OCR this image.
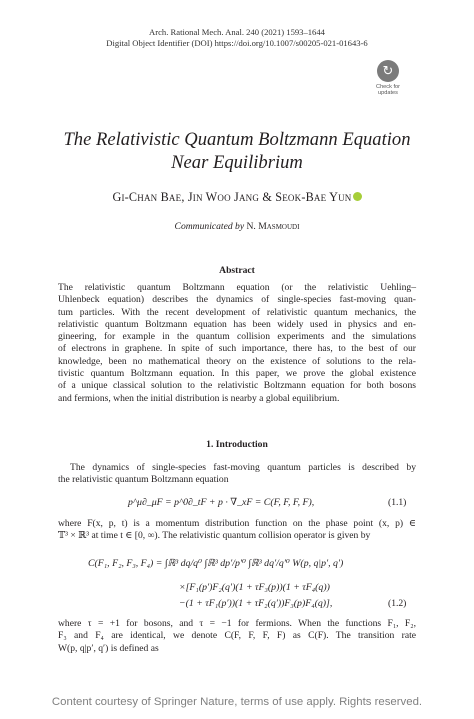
Arch. Rational Mech. Anal. 240 (2021) 1593–1644
Digital Object Identifier (DOI) https://doi.org/10.1007/s00205-021-01643-6
↻
Check for
updates
The Relativistic Quantum Boltzmann Equation
Near Equilibrium
Gi-Chan Bae, Jin Woo Jang & Seok-Bae Yun
Communicated by N. Masmoudi
Abstract
The relativistic quantum Boltzmann equation (or the relativistic Uehling–
Uhlenbeck equation) describes the dynamics of single-species fast-moving quan-
tum particles. With the recent development of relativistic quantum mechanics, the
relativistic quantum Boltzmann equation has been widely used in physics and en-
gineering, for example in the quantum collision experiments and the simulations
of electrons in graphene. In spite of such importance, there has, to the best of our
knowledge, been no mathematical theory on the existence of solutions to the rela-
tivistic quantum Boltzmann equation. In this paper, we prove the global existence
of a unique classical solution to the relativistic Boltzmann equation for both bosons
and fermions, when the initial distribution is nearby a global equilibrium.
1. Introduction
The dynamics of single-species fast-moving quantum particles is described by
the relativistic quantum Boltzmann equation
p^μ∂_μF = p^0∂_tF + p · ∇_xF = C(F, F, F, F),	(1.1)
where F(x, p, t) is a momentum distribution function on the phase point (x, p) ∈
𝕋³ × ℝ³ at time t ∈ [0, ∞). The relativistic quantum collision operator is given by
C(F₁, F₂, F₃, F₄) = ∫ℝ³ dq/q⁰ ∫ℝ³ dp′/p′⁰ ∫ℝ³ dq′/q′⁰ W(p, q|p′, q′)
×[F₁(p′)F₂(q′)(1 + τF₃(p))(1 + τF₄(q))
−(1 + τF₁(p′))(1 + τF₂(q′))F₃(p)F₄(q)],	(1.2)
where τ = +1 for bosons, and τ = −1 for fermions. When the functions F₁, F₂,
F₃ and F₄ are identical, we denote C(F, F, F, F) as C(F). The transition rate
W(p, q|p′, q′) is defined as
Content courtesy of Springer Nature, terms of use apply. Rights reserved.
